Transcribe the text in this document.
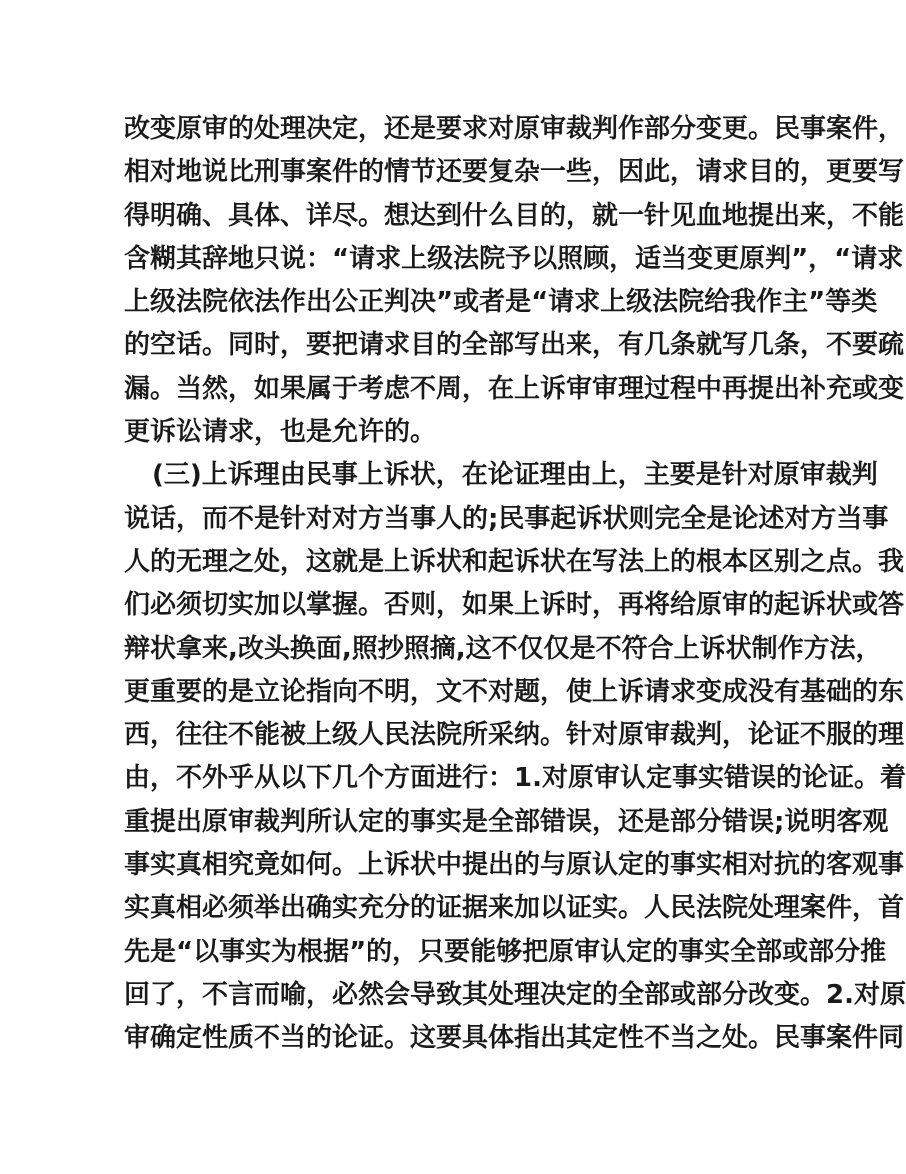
改变原审的处理决定，还是要求对原审裁判作部分变更。民事案件，
相对地说比刑事案件的情节还要复杂一些，因此，请求目的，更要写
得明确、具体、详尽。想达到什么目的，就一针见血地提出来，不能
含糊其辞地只说：“请求上级法院予以照顾，适当变更原判”，“请求
上级法院依法作出公正判决”或者是“请求上级法院给我作主”等类
的空话。同时，要把请求目的全部写出来，有几条就写几条，不要疏
漏。当然，如果属于考虑不周，在上诉审审理过程中再提出补充或变
更诉讼请求，也是允许的。
(三)上诉理由民事上诉状，在论证理由上，主要是针对原审裁判
说话，而不是针对对方当事人的;民事起诉状则完全是论述对方当事
人的无理之处，这就是上诉状和起诉状在写法上的根本区别之点。我
们必须切实加以掌握。否则，如果上诉时，再将给原审的起诉状或答
辩状拿来,改头换面,照抄照摘,这不仅仅是不符合上诉状制作方法，
更重要的是立论指向不明，文不对题，使上诉请求变成没有基础的东
西，往往不能被上级人民法院所采纳。针对原审裁判，论证不服的理
由，不外乎从以下几个方面进行：1.对原审认定事实错误的论证。着
重提出原审裁判所认定的事实是全部错误，还是部分错误;说明客观
事实真相究竟如何。上诉状中提出的与原认定的事实相对抗的客观事
实真相必须举出确实充分的证据来加以证实。人民法院处理案件，首
先是“以事实为根据”的，只要能够把原审认定的事实全部或部分推
回了，不言而喻，必然会导致其处理决定的全部或部分改变。2.对原
审确定性质不当的论证。这要具体指出其定性不当之处。民事案件同
